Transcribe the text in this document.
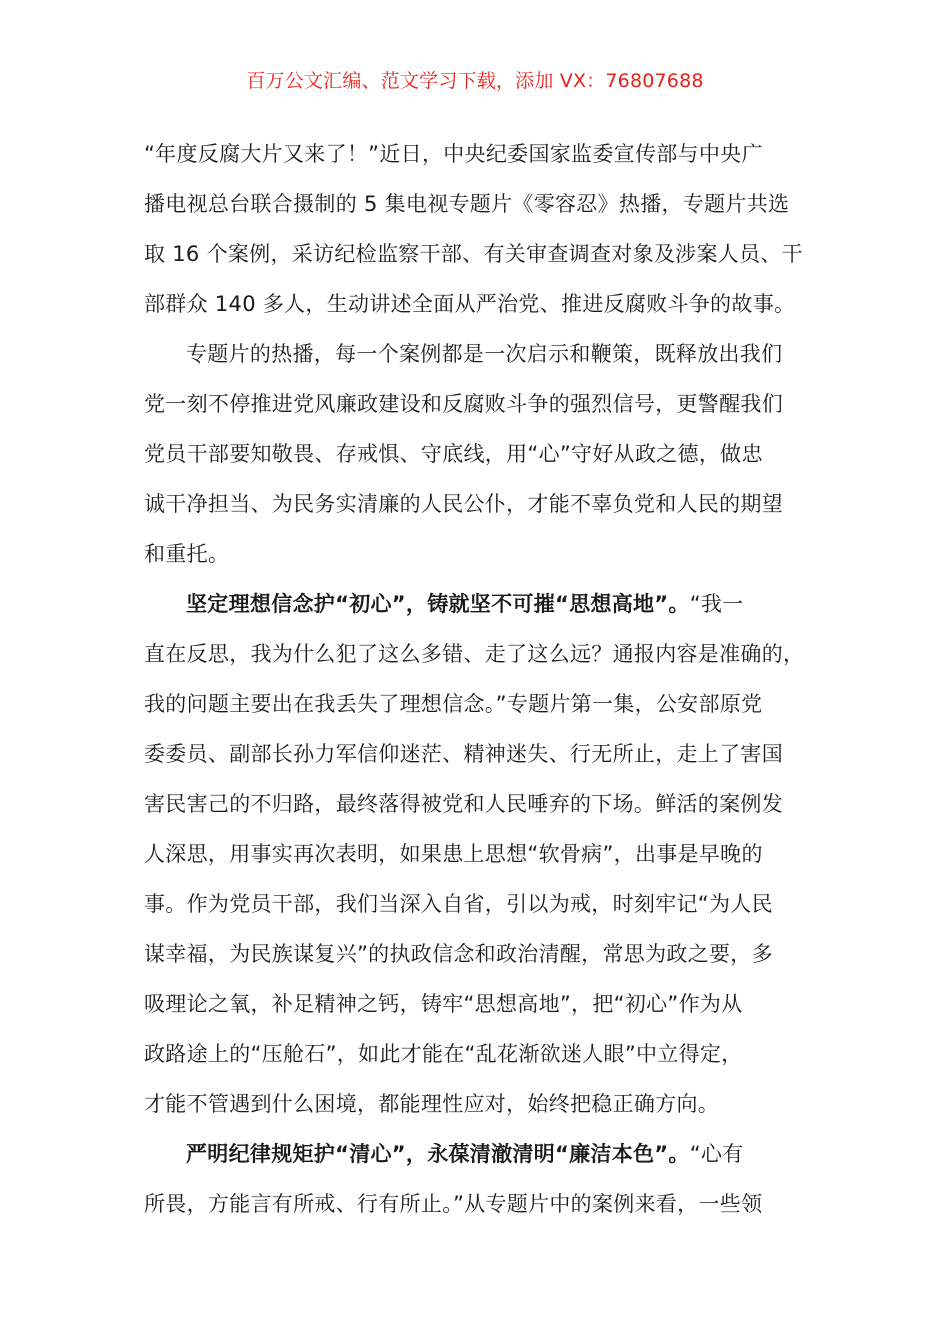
百万公文汇编、范文学习下载，添加 VX：76807688
“年度反腐大片又来了！”近日，中央纪委国家监委宣传部与中央广
播电视总台联合摄制的 5 集电视专题片《零容忍》热播，专题片共选
取 16 个案例，采访纪检监察干部、有关审查调查对象及涉案人员、干
部群众 140 多人，生动讲述全面从严治党、推进反腐败斗争的故事。
专题片的热播，每一个案例都是一次启示和鞭策，既释放出我们
党一刻不停推进党风廉政建设和反腐败斗争的强烈信号，更警醒我们
党员干部要知敬畏、存戒惧、守底线，用“心”守好从政之德，做忠
诚干净担当、为民务实清廉的人民公仆，才能不辜负党和人民的期望
和重托。
坚定理想信念护“初心”，铸就坚不可摧“思想高地”。“我一
直在反思，我为什么犯了这么多错、走了这么远？通报内容是准确的，
我的问题主要出在我丢失了理想信念。”专题片第一集，公安部原党
委委员、副部长孙力军信仰迷茫、精神迷失、行无所止，走上了害国
害民害己的不归路，最终落得被党和人民唾弃的下场。鲜活的案例发
人深思，用事实再次表明，如果患上思想“软骨病”，出事是早晚的
事。作为党员干部，我们当深入自省，引以为戒，时刻牢记“为人民
谋幸福，为民族谋复兴”的执政信念和政治清醒，常思为政之要，多
吸理论之氧，补足精神之钙，铸牢“思想高地”，把“初心”作为从
政路途上的“压舱石”，如此才能在“乱花渐欲迷人眼”中立得定，
才能不管遇到什么困境，都能理性应对，始终把稳正确方向。
严明纪律规矩护“清心”，永葆清澈清明“廉洁本色”。“心有
所畏，方能言有所戒、行有所止。”从专题片中的案例来看，一些领
